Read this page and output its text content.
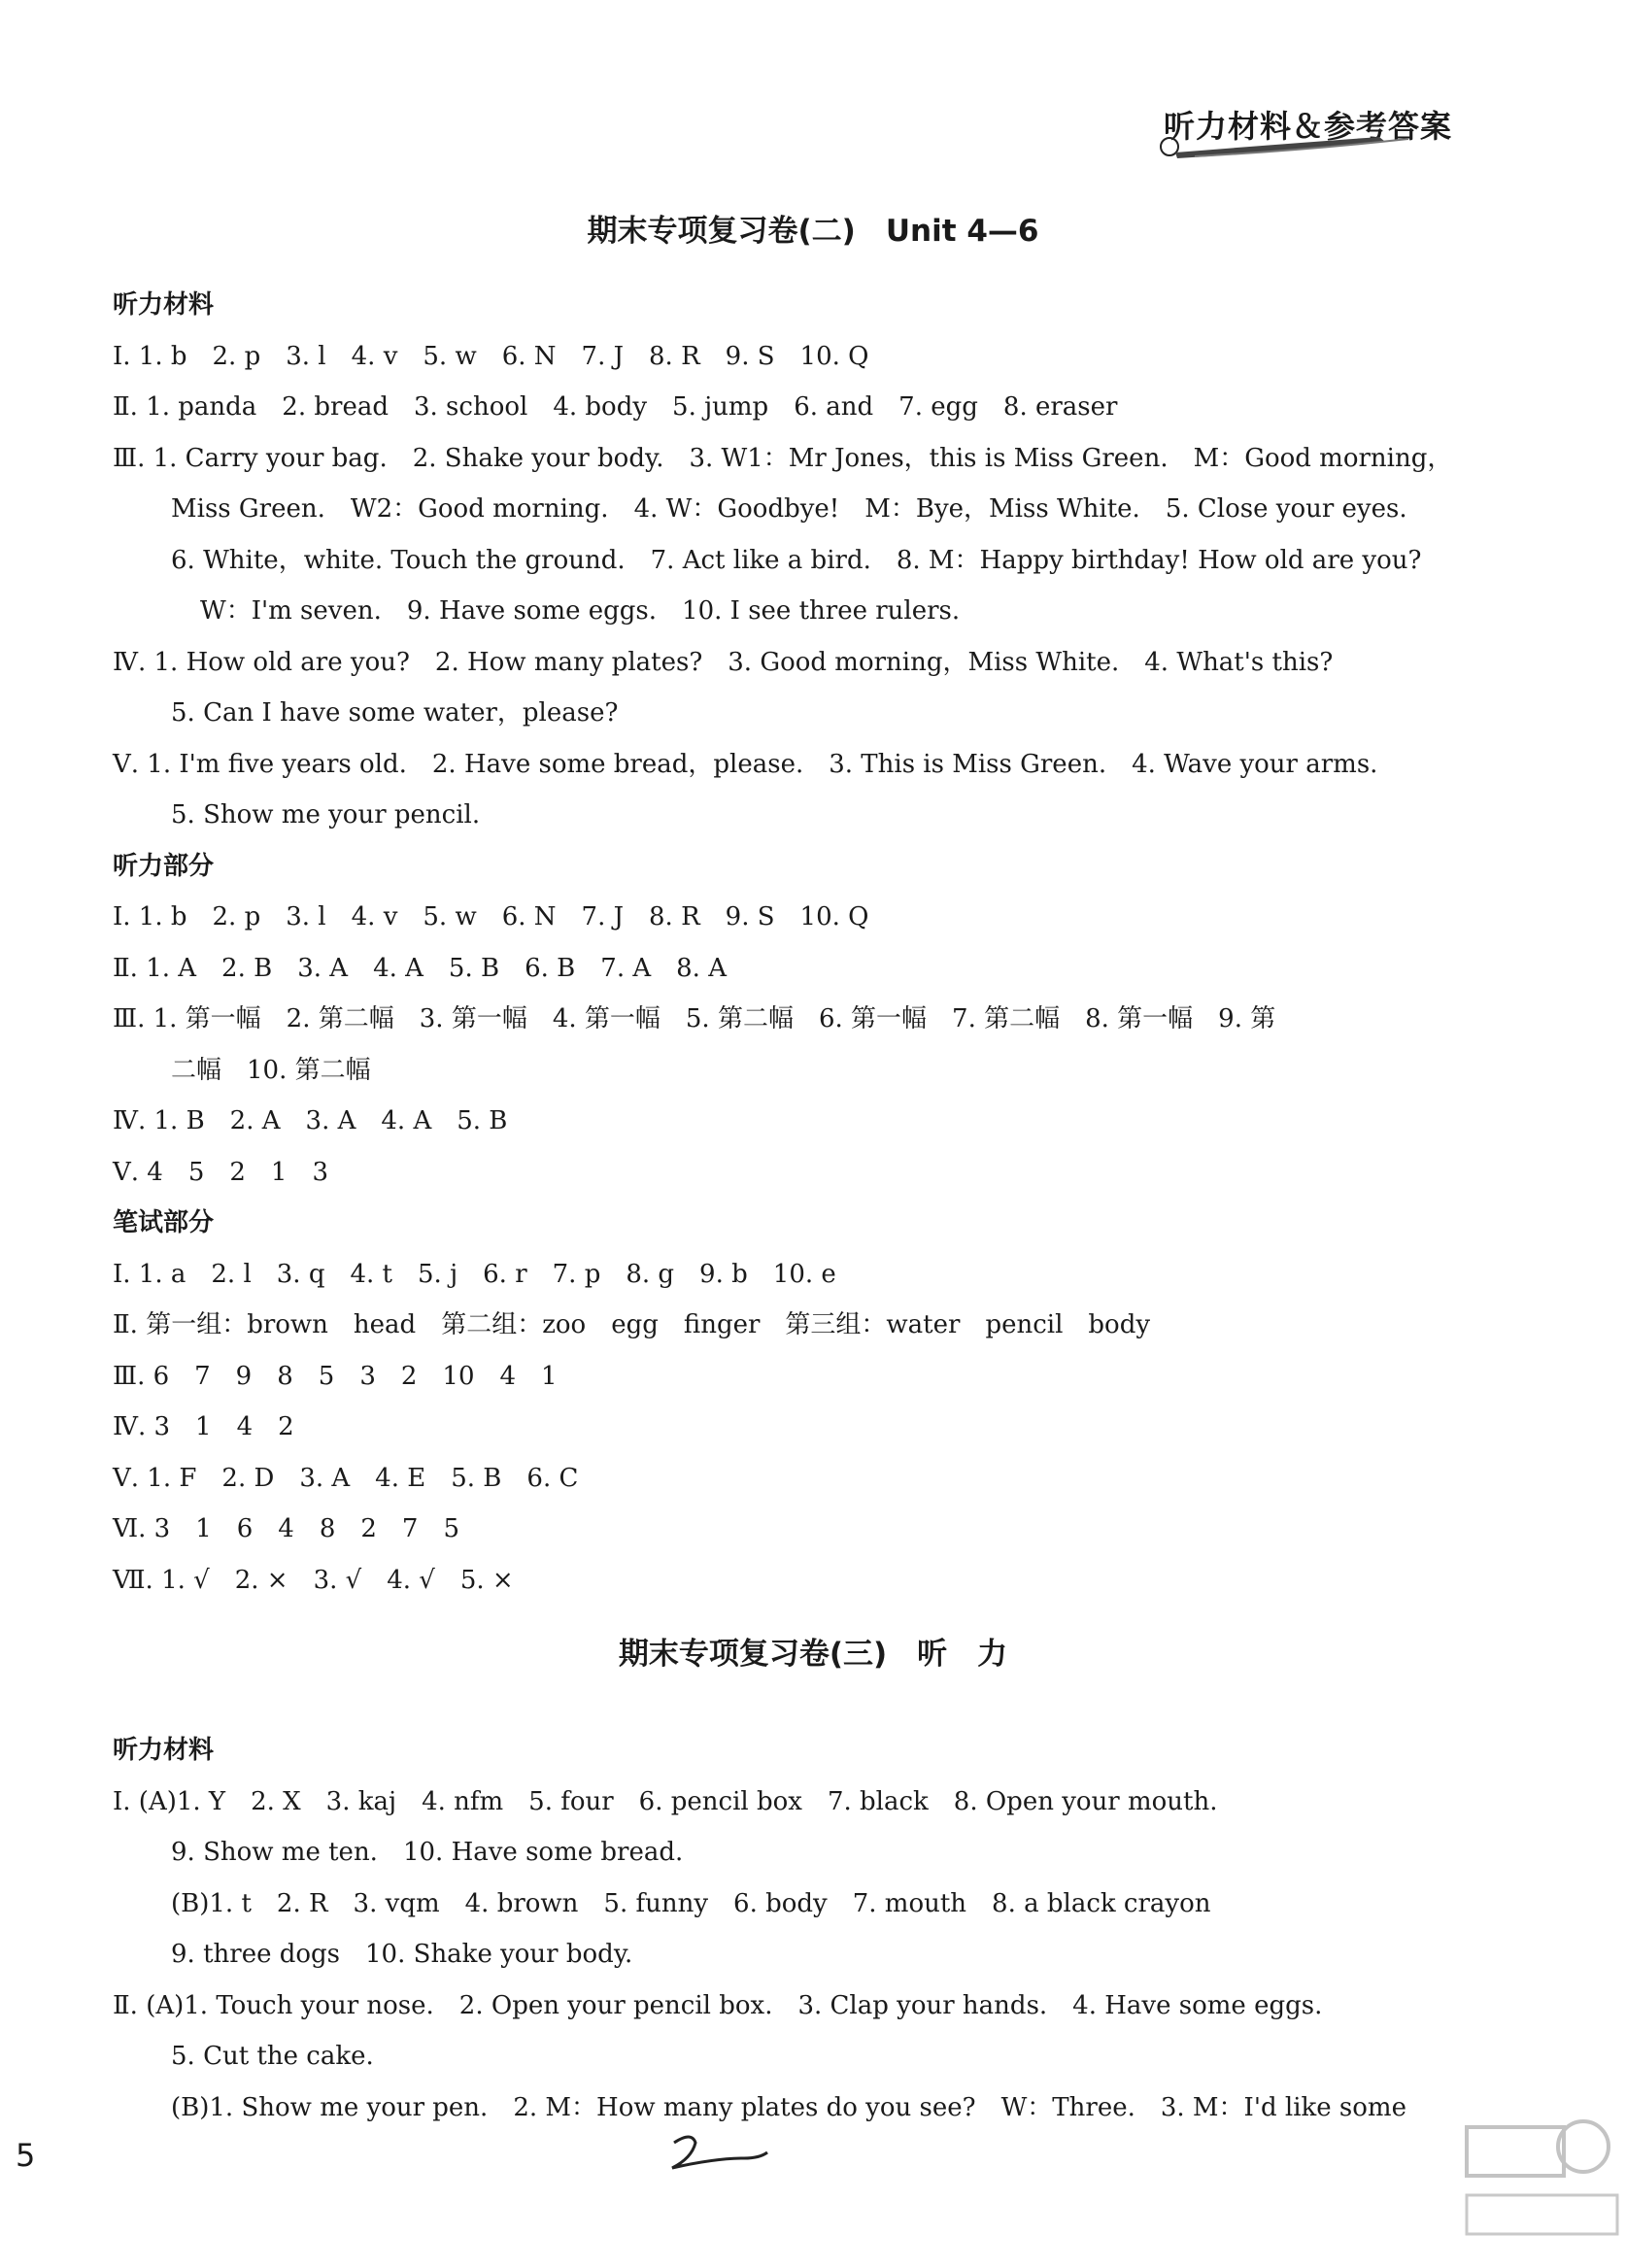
听力材料＆参考答案
听力材料
Ⅰ. 1. b　2. p　3. l　4. v　5. w　6. N　7. J　8. R　9. S　10. Q
Ⅱ. 1. panda　2. bread　3. school　4. body　5. jump　6. and　7. egg　8. eraser
Ⅲ. 1. Carry your bag.　2. Shake your body.　3. W1：Mr Jones，this is Miss Green.　M：Good morning，
Miss Green.　W2：Good morning.　4. W：Goodbye!　M：Bye，Miss White.　5. Close your eyes.
6. White，white. Touch the ground.　7. Act like a bird.　8. M：Happy birthday! How old are you?
W：I'm seven.　9. Have some eggs.　10. I see three rulers.
Ⅳ. 1. How old are you?　2. How many plates?　3. Good morning，Miss White.　4. What's this?
5. Can I have some water，please?
Ⅴ. 1. I'm five years old.　2. Have some bread，please.　3. This is Miss Green.　4. Wave your arms.
5. Show me your pencil.
听力部分
Ⅰ. 1. b　2. p　3. l　4. v　5. w　6. N　7. J　8. R　9. S　10. Q
Ⅱ. 1. A　2. B　3. A　4. A　5. B　6. B　7. A　8. A
Ⅲ. 1. 第一幅　2. 第二幅　3. 第一幅　4. 第一幅　5. 第二幅　6. 第一幅　7. 第二幅　8. 第一幅　9. 第
二幅　10. 第二幅
Ⅳ. 1. B　2. A　3. A　4. A　5. B
Ⅴ. 4　5　2　1　3
笔试部分
Ⅰ. 1. a　2. l　3. q　4. t　5. j　6. r　7. p　8. g　9. b　10. e
Ⅱ. 第一组：brown　head　第二组：zoo　egg　finger　第三组：water　pencil　body
Ⅲ. 6　7　9　8　5　3　2　10　4　1
Ⅳ. 3　1　4　2
Ⅴ. 1. F　2. D　3. A　4. E　5. B　6. C
Ⅵ. 3　1　6　4　8　2　7　5
Ⅶ. 1. √　2. ×　3. √　4. √　5. ×
期末专项复习卷(三)　听　力
听力材料
Ⅰ. (A)1. Y　2. X　3. kaj　4. nfm　5. four　6. pencil box　7. black　8. Open your mouth.
9. Show me ten.　10. Have some bread.
(B)1. t　2. R　3. vqm　4. brown　5. funny　6. body　7. mouth　8. a black crayon
9. three dogs　10. Shake your body.
Ⅱ. (A)1. Touch your nose.　2. Open your pencil box.　3. Clap your hands.　4. Have some eggs.
5. Cut the cake.
(B)1. Show me your pen.　2. M：How many plates do you see?　W：Three.　3. M：I'd like some
5
期末专项复习卷(二)　Unit 4—6
